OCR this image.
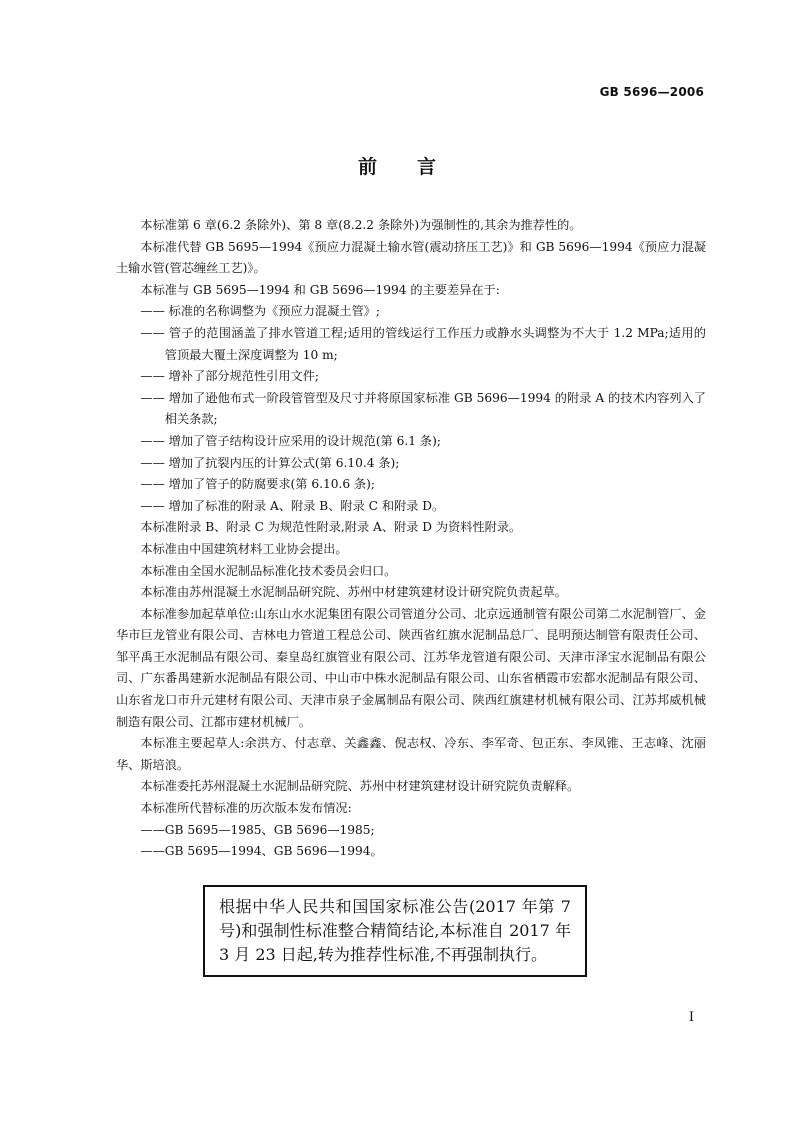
GB 5696—2006
前 言

本标准第 6 章(6.2 条除外)、第 8 章(8.2.2 条除外)为强制性的,其余为推荐性的。

本标准代替 GB 5695—1994《预应力混凝土输水管(震动挤压工艺)》和 GB 5696—1994《预应力混凝土输水管(管芯缠丝工艺)》。

本标准与 GB 5695—1994 和 GB 5696—1994 的主要差异在于:

—— 标准的名称调整为《预应力混凝土管》;

—— 管子的范围涵盖了排水管道工程;适用的管线运行工作压力或静水头调整为不大于 1.2 MPa;适用的管顶最大覆土深度调整为 10 m;

—— 增补了部分规范性引用文件;

—— 增加了逊他布式一阶段管管型及尺寸并将原国家标准 GB 5696—1994 的附录 A 的技术内容列入了相关条款;

—— 增加了管子结构设计应采用的设计规范(第 6.1 条);

—— 增加了抗裂内压的计算公式(第 6.10.4 条);

—— 增加了管子的防腐要求(第 6.10.6 条);

—— 增加了标准的附录 A、附录 B、附录 C 和附录 D。

本标准附录 B、附录 C 为规范性附录,附录 A、附录 D 为资料性附录。

本标准由中国建筑材料工业协会提出。

本标准由全国水泥制品标准化技术委员会归口。

本标准由苏州混凝土水泥制品研究院、苏州中材建筑建材设计研究院负责起草。

本标准参加起草单位:山东山水水泥集团有限公司管道分公司、北京远通制管有限公司第二水泥制管厂、金华市巨龙管业有限公司、吉林电力管道工程总公司、陕西省红旗水泥制品总厂、昆明预达制管有限责任公司、邹平禹王水泥制品有限公司、秦皇岛红旗管业有限公司、江苏华龙管道有限公司、天津市泽宝水泥制品有限公司、广东番禺建新水泥制品有限公司、中山市中株水泥制品有限公司、山东省栖霞市宏都水泥制品有限公司、山东省龙口市升元建材有限公司、天津市泉子金属制品有限公司、陕西红旗建材机械有限公司、江苏邦威机械制造有限公司、江都市建材机械厂。

本标准主要起草人:余洪方、付志章、关鑫鑫、倪志权、冷东、李军奇、包正东、李凤锥、王志峰、沈丽华、斯培浪。

本标准委托苏州混凝土水泥制品研究院、苏州中材建筑建材设计研究院负责解释。

本标准所代替标准的历次版本发布情况:

——GB 5695—1985、GB 5696—1985;

——GB 5695—1994、GB 5696—1994。

根据中华人民共和国国家标准公告(2017 年第 7 号)和强制性标准整合精简结论,本标准自 2017 年 3 月 23 日起,转为推荐性标准,不再强制执行。
I
